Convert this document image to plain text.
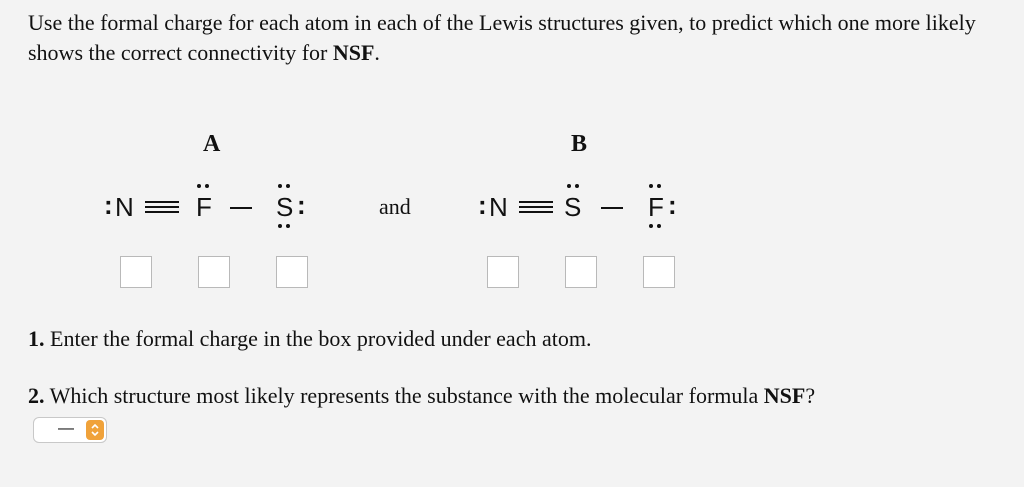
Use the formal charge for each atom in each of the Lewis structures given, to predict which one more likely shows the correct connectivity for NSF.

A
: N F S :	and
B
: N S	F :

1. Enter the formal charge in the box provided under each atom.

2. Which structure most likely represents the substance with the molecular formula NSF?

—
